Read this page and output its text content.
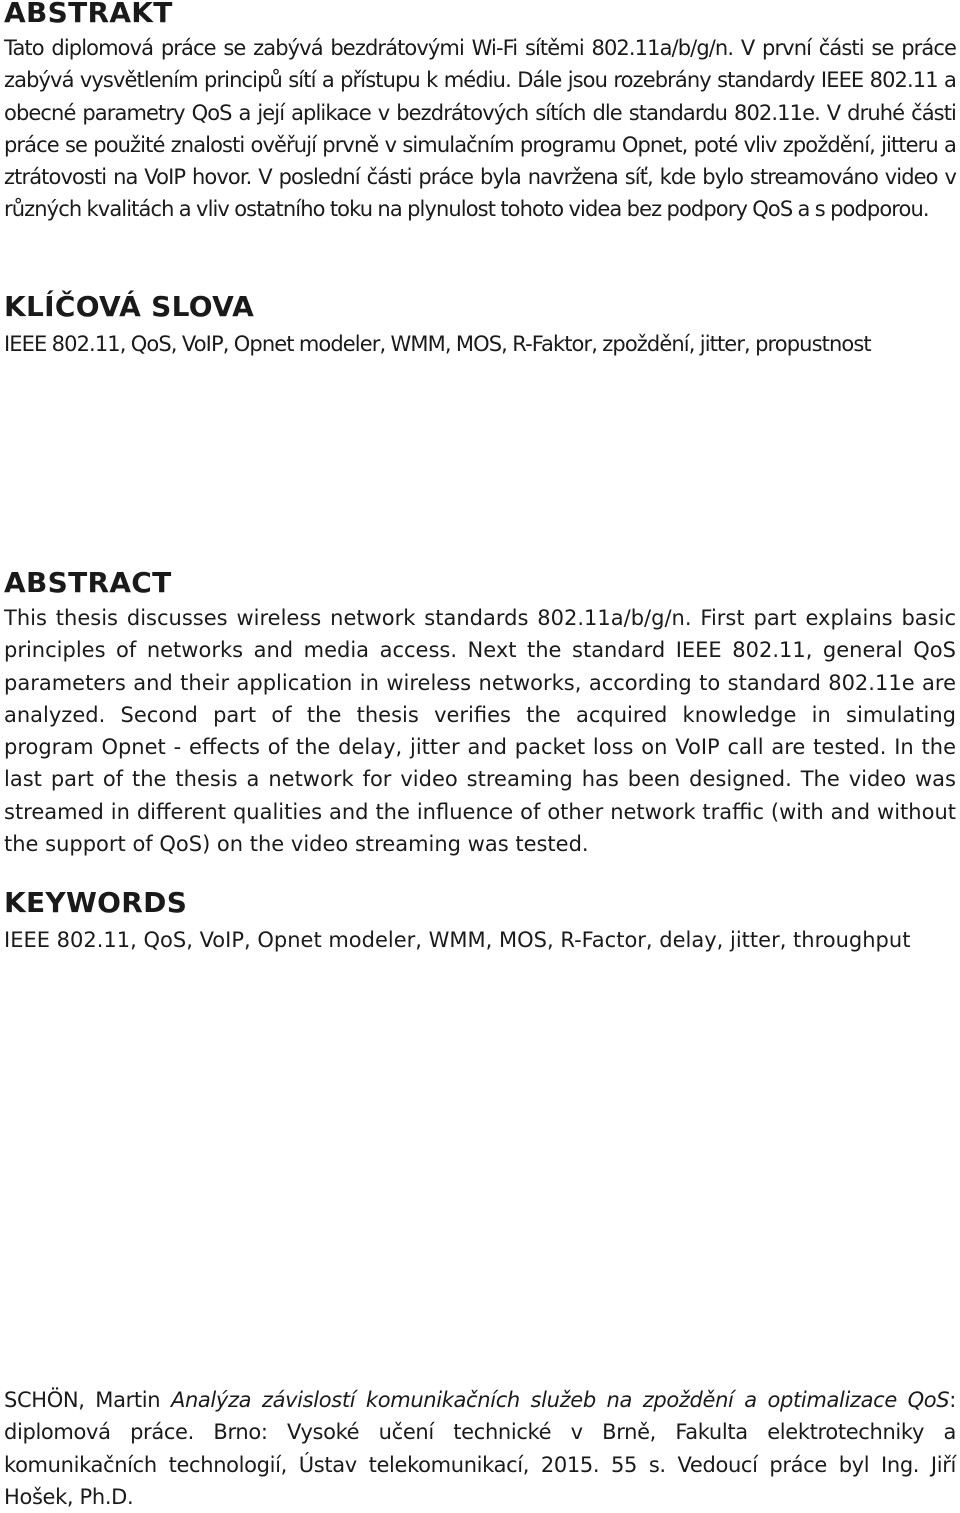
ABSTRAKT

Tato diplomová práce se zabývá bezdrátovými Wi-Fi sítěmi 802.11a/b/g/n. V první části se práce zabývá vysvětlením principů sítí a přístupu k médiu. Dále jsou rozebrány standardy IEEE 802.11 a obecné parametry QoS a její aplikace v bezdrátových sítích dle standardu 802.11e. V druhé části práce se použité znalosti ověřují prvně v simulačním programu Opnet, poté vliv zpoždění, jitteru a ztrátovosti na VoIP hovor. V poslední části práce byla navržena síť, kde bylo streamováno video v různých kvalitách a vliv ostatního toku na plynulost tohoto videa bez podpory QoS a s podporou.

KLÍČOVÁ SLOVA

IEEE 802.11, QoS, VoIP, Opnet modeler, WMM, MOS, R-Faktor, zpoždění, jitter, propustnost

ABSTRACT

This thesis discusses wireless network standards 802.11a/b/g/n. First part explains basic principles of networks and media access. Next the standard IEEE 802.11, general QoS parameters and their application in wireless networks, according to standard 802.11e are analyzed. Second part of the thesis verifies the acquired knowledge in simulating program Opnet - effects of the delay, jitter and packet loss on VoIP call are tested. In the last part of the thesis a network for video streaming has been designed. The video was streamed in different qualities and the influence of other network traffic (with and without the support of QoS) on the video streaming was tested.

KEYWORDS

IEEE 802.11, QoS, VoIP, Opnet modeler, WMM, MOS, R-Factor, delay, jitter, throughput

SCHÖN, Martin Analýza závislostí komunikačních služeb na zpoždění a optimalizace QoS: diplomová práce. Brno: Vysoké učení technické v Brně, Fakulta elektrotechniky a komunikačních technologií, Ústav telekomunikací, 2015. 55 s. Vedoucí práce byl Ing. Jiří Hošek, Ph.D.
